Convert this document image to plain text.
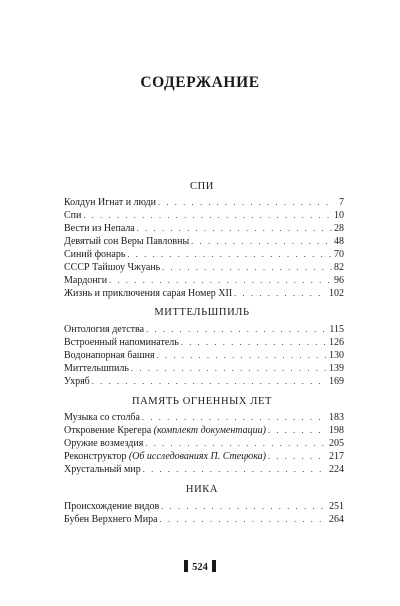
СОДЕРЖАНИЕ
СПИ
Колдун Игнат и люди . . .	7
Спи . . .	10
Вести из Непала . . .	28
Девятый сон Веры Павловны . . .	48
Синий фонарь . . .	70
СССР Тайшоу Чжуань . . .	82
Мардонги . . .	96
Жизнь и приключения сарая Номер XII . . .	102
МИТТЕЛЬШПИЛЬ
Онтология детства . . .	115
Встроенный напоминатель . . .	126
Водонапорная башня . . .	130
Миттельшпиль . . .	139
Ухряб . . .	169
ПАМЯТЬ ОГНЕННЫХ ЛЕТ
Музыка со столба . . .	183
Откровение Крегера (комплект документации) . . .	198
Оружие возмездия . . .	205
Реконструктор (Об исследованиях П. Стецюка) . . .	217
Хрустальный мир . . .	224
НИКА
Происхождение видов . . .	251
Бубен Верхнего Мира . . .	264
524
